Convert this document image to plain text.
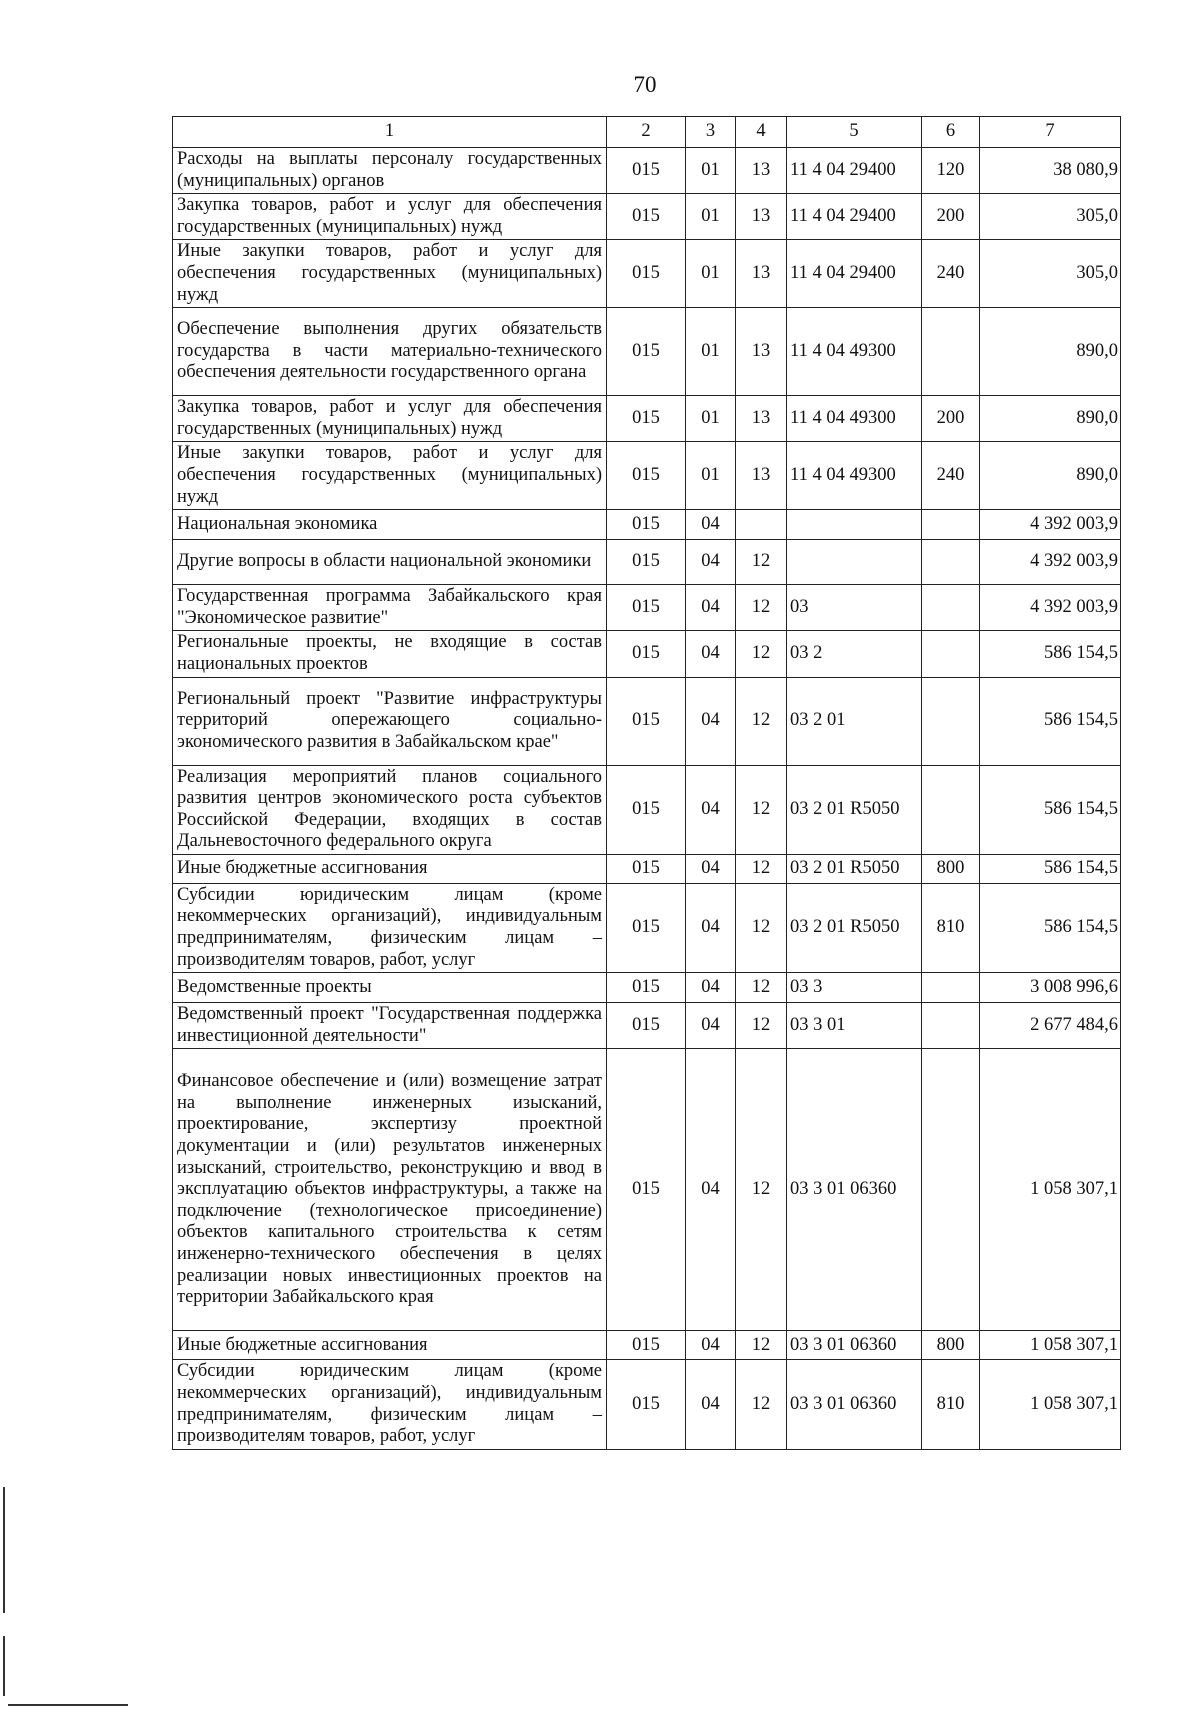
70
1	2	3	4	5	6	7
Расходы на выплаты персоналу государственных (муниципальных) органов	015	01	13	11 4 04 29400	120	38 080,9
Закупка товаров, работ и услуг для обеспечения государственных (муниципальных) нужд	015	01	13	11 4 04 29400	200	305,0
Иные закупки товаров, работ и услуг для обеспечения государственных (муниципальных) нужд	015	01	13	11 4 04 29400	240	305,0
Обеспечение выполнения других обязательств государства в части материально-технического обеспечения деятельности государственного органа	015	01	13	11 4 04 49300		890,0
Закупка товаров, работ и услуг для обеспечения государственных (муниципальных) нужд	015	01	13	11 4 04 49300	200	890,0
Иные закупки товаров, работ и услуг для обеспечения государственных (муниципальных) нужд	015	01	13	11 4 04 49300	240	890,0
Национальная экономика	015	04				4 392 003,9
Другие вопросы в области национальной экономики	015	04	12			4 392 003,9
Государственная программа Забайкальского края "Экономическое развитие"	015	04	12	03		4 392 003,9
Региональные проекты, не входящие в состав национальных проектов	015	04	12	03 2		586 154,5
Региональный проект "Развитие инфраструктуры территорий опережающего социально-экономического развития в Забайкальском крае"	015	04	12	03 2 01		586 154,5
Реализация мероприятий планов социального развития центров экономического роста субъектов Российской Федерации, входящих в состав Дальневосточного федерального округа	015	04	12	03 2 01 R5050		586 154,5
Иные бюджетные ассигнования	015	04	12	03 2 01 R5050	800	586 154,5
Субсидии юридическим лицам (кроме некоммерческих организаций), индивидуальным предпринимателям, физическим лицам – производителям товаров, работ, услуг	015	04	12	03 2 01 R5050	810	586 154,5
Ведомственные проекты	015	04	12	03 3		3 008 996,6
Ведомственный проект "Государственная поддержка инвестиционной деятельности"	015	04	12	03 3 01		2 677 484,6
Финансовое обеспечение и (или) возмещение затрат на выполнение инженерных изысканий, проектирование, экспертизу проектной документации и (или) результатов инженерных изысканий, строительство, реконструкцию и ввод в эксплуатацию объектов инфраструктуры, а также на подключение (технологическое присоединение) объектов капитального строительства к сетям инженерно-технического обеспечения в целях реализации новых инвестиционных проектов на территории Забайкальского края	015	04	12	03 3 01 06360		1 058 307,1
Иные бюджетные ассигнования	015	04	12	03 3 01 06360	800	1 058 307,1
Субсидии юридическим лицам (кроме некоммерческих организаций), индивидуальным предпринимателям, физическим лицам – производителям товаров, работ, услуг	015	04	12	03 3 01 06360	810	1 058 307,1
